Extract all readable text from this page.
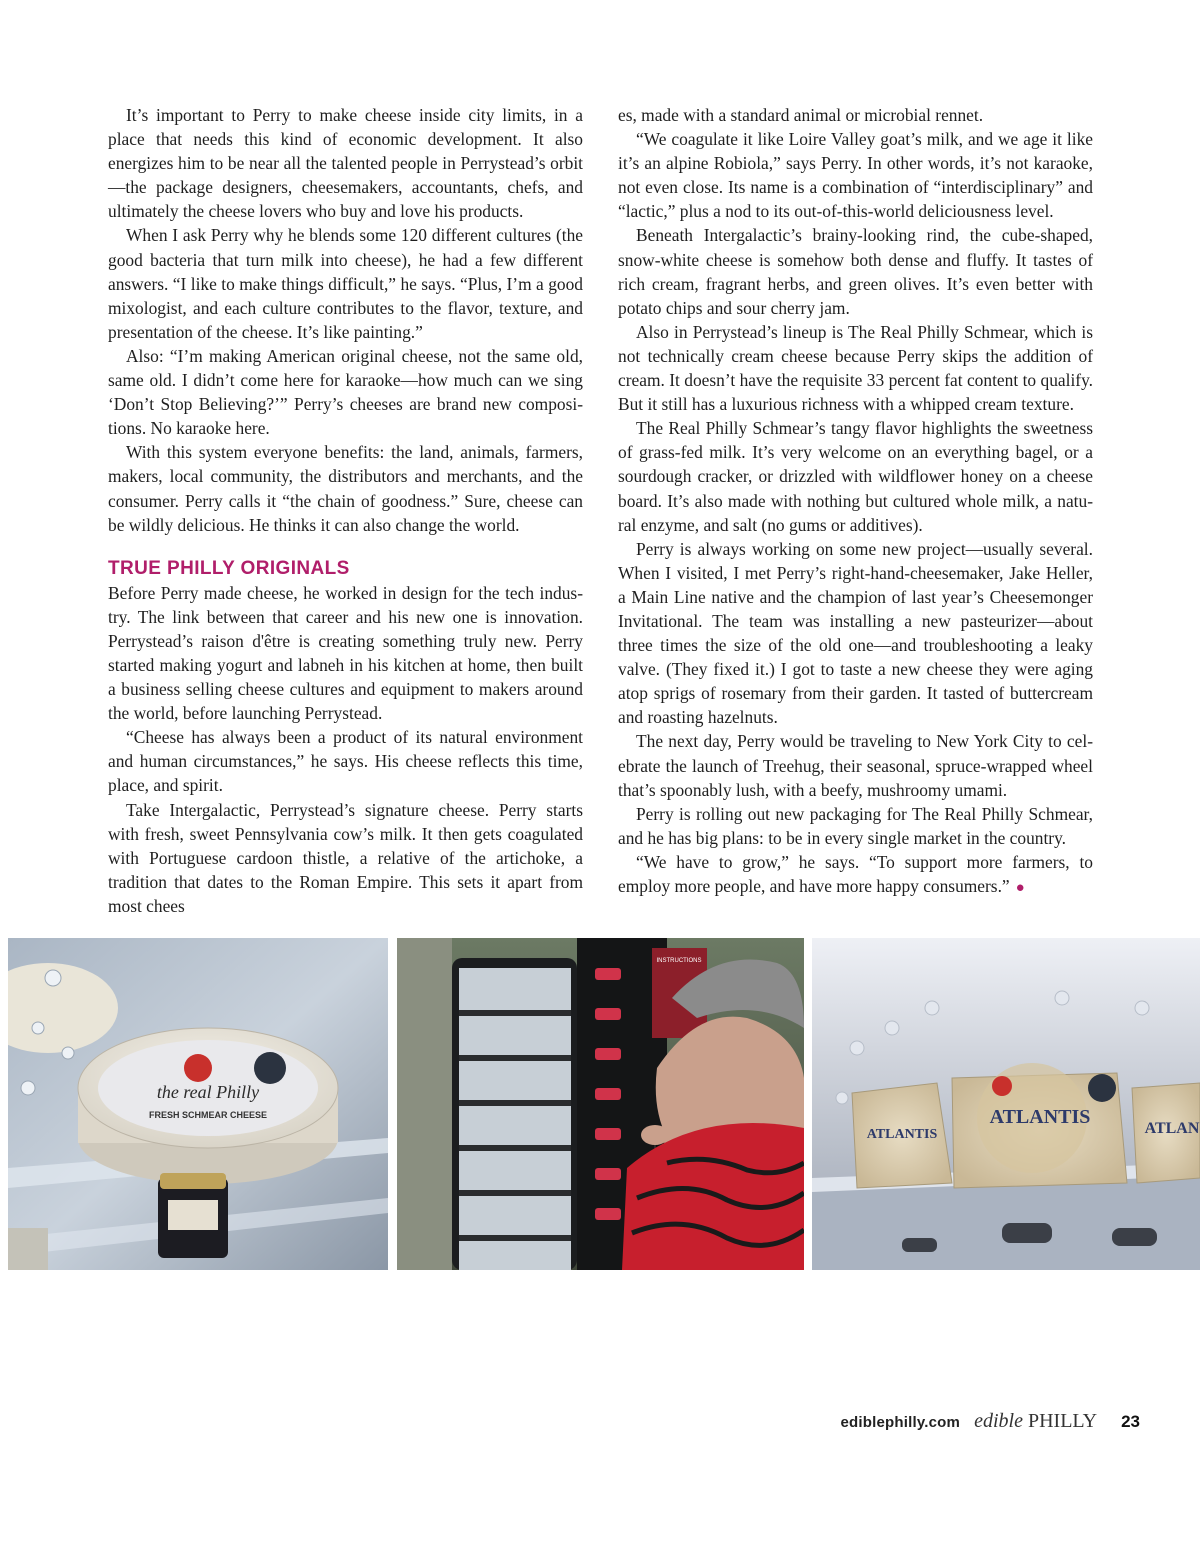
It’s important to Perry to make cheese inside city limits, in a place that needs this kind of economic development. It also energizes him to be near all the talented people in Perrystead’s orbit—the package designers, cheesemakers, accountants, chefs, and ultimately the cheese lovers who buy and love his products.

When I ask Perry why he blends some 120 different cultures (the good bacteria that turn milk into cheese), he had a few different answers. “I like to make things difficult,” he says. “Plus, I’m a good mixologist, and each culture contributes to the flavor, texture, and presentation of the cheese. It’s like painting.”

Also: “I’m making American original cheese, not the same old, same old. I didn’t come here for karaoke—how much can we sing ‘Don’t Stop Believing?’” Perry’s cheeses are brand new compositions. No karaoke here.

With this system everyone benefits: the land, animals, farmers, makers, local community, the distributors and merchants, and the consumer. Perry calls it “the chain of goodness.” Sure, cheese can be wildly delicious. He thinks it can also change the world.

TRUE PHILLY ORIGINALS

Before Perry made cheese, he worked in design for the tech industry. The link between that career and his new one is innovation. Perrystead’s raison d'être is creating something truly new. Perry started making yogurt and labneh in his kitchen at home, then built a business selling cheese cultures and equipment to makers around the world, before launching Perrystead.

“Cheese has always been a product of its natural environment and human circumstances,” he says. His cheese reflects this time, place, and spirit.

Take Intergalactic, Perrystead’s signature cheese. Perry starts with fresh, sweet Pennsylvania cow’s milk. It then gets coagulated with Portuguese cardoon thistle, a relative of the artichoke, a tradition that dates to the Roman Empire. This sets it apart from most chees

es, made with a standard animal or microbial rennet.

“We coagulate it like Loire Valley goat’s milk, and we age it like it’s an alpine Robiola,” says Perry. In other words, it’s not karaoke, not even close. Its name is a combination of “interdisciplinary” and “lactic,” plus a nod to its out-of-this-world deliciousness level.

Beneath Intergalactic’s brainy-looking rind, the cube-shaped, snow-white cheese is somehow both dense and fluffy. It tastes of rich cream, fragrant herbs, and green olives. It’s even better with potato chips and sour cherry jam.

Also in Perrystead’s lineup is The Real Philly Schmear, which is not technically cream cheese because Perry skips the addition of cream. It doesn’t have the requisite 33 percent fat content to qualify. But it still has a luxurious richness with a whipped cream texture.

The Real Philly Schmear’s tangy flavor highlights the sweetness of grass-fed milk. It’s very welcome on an everything bagel, or a sourdough cracker, or drizzled with wildflower honey on a cheese board. It’s also made with nothing but cultured whole milk, a natural enzyme, and salt (no gums or additives).

Perry is always working on some new project—usually several. When I visited, I met Perry’s right-hand-cheesemaker, Jake Heller, a Main Line native and the champion of last year’s Cheesemonger Invitational. The team was installing a new pasteurizer—about three times the size of the old one—and troubleshooting a leaky valve. (They fixed it.) I got to taste a new cheese they were aging atop sprigs of rosemary from their garden. It tasted of buttercream and roasting hazelnuts.

The next day, Perry would be traveling to New York City to celebrate the launch of Treehug, their seasonal, spruce-wrapped wheel that’s spoonably lush, with a beefy, mushroomy umami.

Perry is rolling out new packaging for The Real Philly Schmear, and he has big plans: to be in every single market in the country.

“We have to grow,” he says. “To support more farmers, to employ more people, and have more happy consumers.” ●

the real Philly
FRESH SCHMEAR CHEESE
INSTRUCTIONS
ATLANTIS
ATLANTIS
ATLAN
ediblephilly.com edible PHILLY 23
